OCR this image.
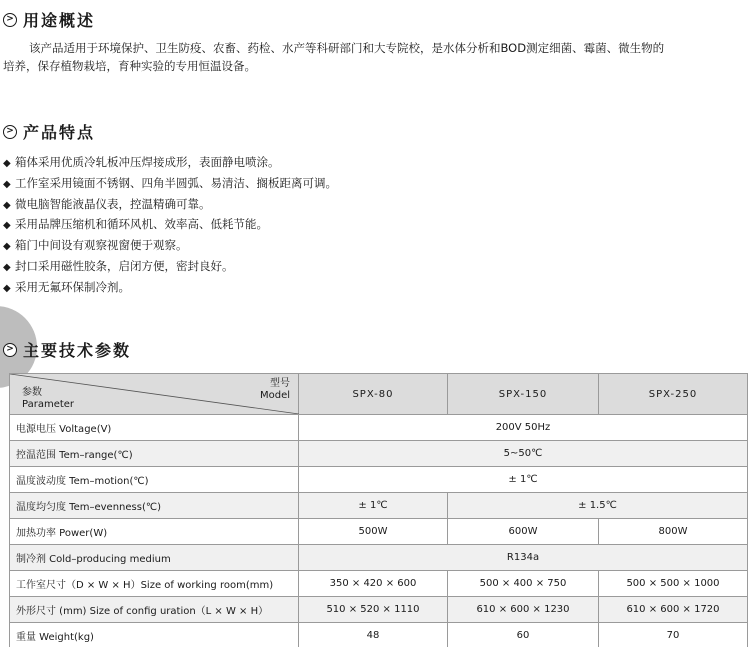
> 用途概述

该产品适用于环境保护、卫生防疫、农畜、药检、水产等科研部门和大专院校，是水体分析和BOD测定细菌、霉菌、微生物的
培养，保存植物栽培，育种实验的专用恒温设备。

> 产品特点
◆ 箱体采用优质冷轧板冲压焊接成形，表面静电喷涂。
◆ 工作室采用镜面不锈钢、四角半圆弧、易清洁、搁板距离可调。
◆ 微电脑智能液晶仪表，控温精确可靠。
◆ 采用品牌压缩机和循环风机、效率高、低耗节能。
◆ 箱门中间设有观察视窗便于观察。
◆ 封口采用磁性胶条，启闭方便，密封良好。
◆ 采用无氟环保制冷剂。
> 主要技术参数
型号
Model
参数
Parameter	SPX-80	SPX-150	SPX-250
电源电压 Voltage(V)	200V 50Hz		
控温范围 Tem–range(℃)	5~50℃		
温度波动度 Tem–motion(℃)	± 1℃		
温度均匀度 Tem–evenness(℃)	± 1℃	± 1.5℃	
加热功率 Power(W)	500W	600W	800W
制冷剂 Cold–producing medium	R134a		
工作室尺寸（D × W × H）Size of working room(mm)	350 × 420 × 600	500 × 400 × 750	500 × 500 × 1000
外形尺寸 (mm) Size of config uration（L × W × H）	510 × 520 × 1110	610 × 600 × 1230	610 × 600 × 1720
重量 Weight(kg)	48	60	70
